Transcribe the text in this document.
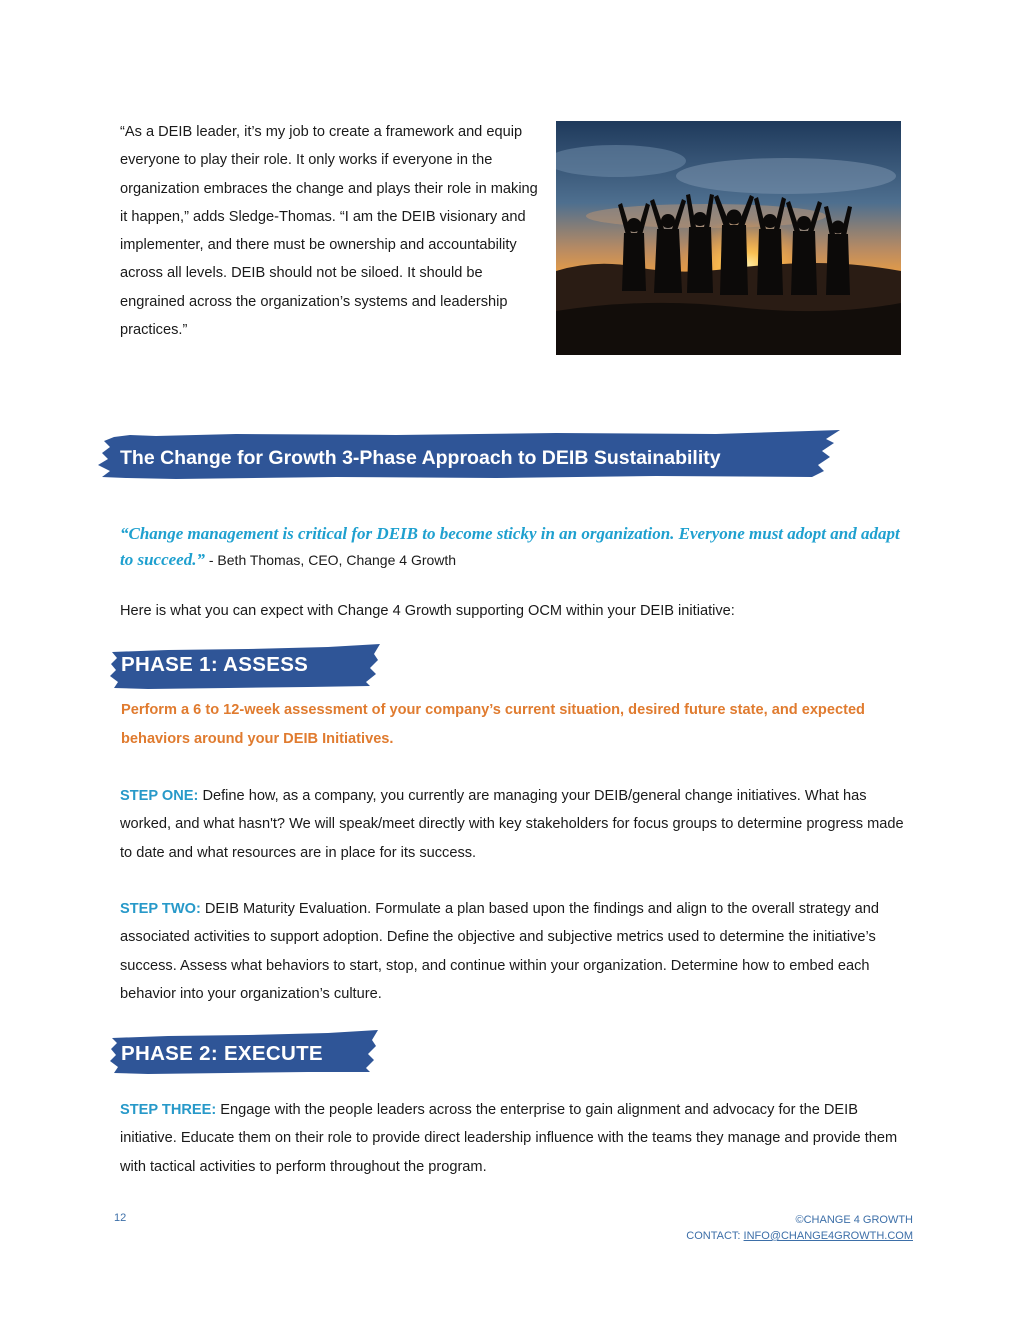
“As a DEIB leader, it’s my job to create a framework and equip everyone to play their role. It only works if everyone in the organization embraces the change and plays their role in making it happen,” adds Sledge-Thomas. “I am the DEIB visionary and implementer, and there must be ownership and accountability across all levels. DEIB should not be siloed. It should be engrained across the organization’s systems and leadership practices.”
The Change for Growth 3-Phase Approach to DEIB Sustainability
“Change management is critical for DEIB to become sticky in an organization. Everyone must adopt and adapt to succeed.” - Beth Thomas, CEO, Change 4 Growth
Here is what you can expect with Change 4 Growth supporting OCM within your DEIB initiative:
PHASE 1: ASSESS
Perform a 6 to 12-week assessment of your company’s current situation, desired future state, and expected behaviors around your DEIB Initiatives.
STEP ONE: Define how, as a company, you currently are managing your DEIB/general change initiatives. What has worked, and what hasn't? We will speak/meet directly with key stakeholders for focus groups to determine progress made to date and what resources are in place for its success.
STEP TWO: DEIB Maturity Evaluation. Formulate a plan based upon the findings and align to the overall strategy and associated activities to support adoption. Define the objective and subjective metrics used to determine the initiative’s success. Assess what behaviors to start, stop, and continue within your organization. Determine how to embed each behavior into your organization’s culture.
PHASE 2: EXECUTE
STEP THREE: Engage with the people leaders across the enterprise to gain alignment and advocacy for the DEIB initiative. Educate them on their role to provide direct leadership influence with the teams they manage and provide them with tactical activities to perform throughout the program.
12	©CHANGE 4 GROWTH
CONTACT: INFO@CHANGE4GROWTH.COM
